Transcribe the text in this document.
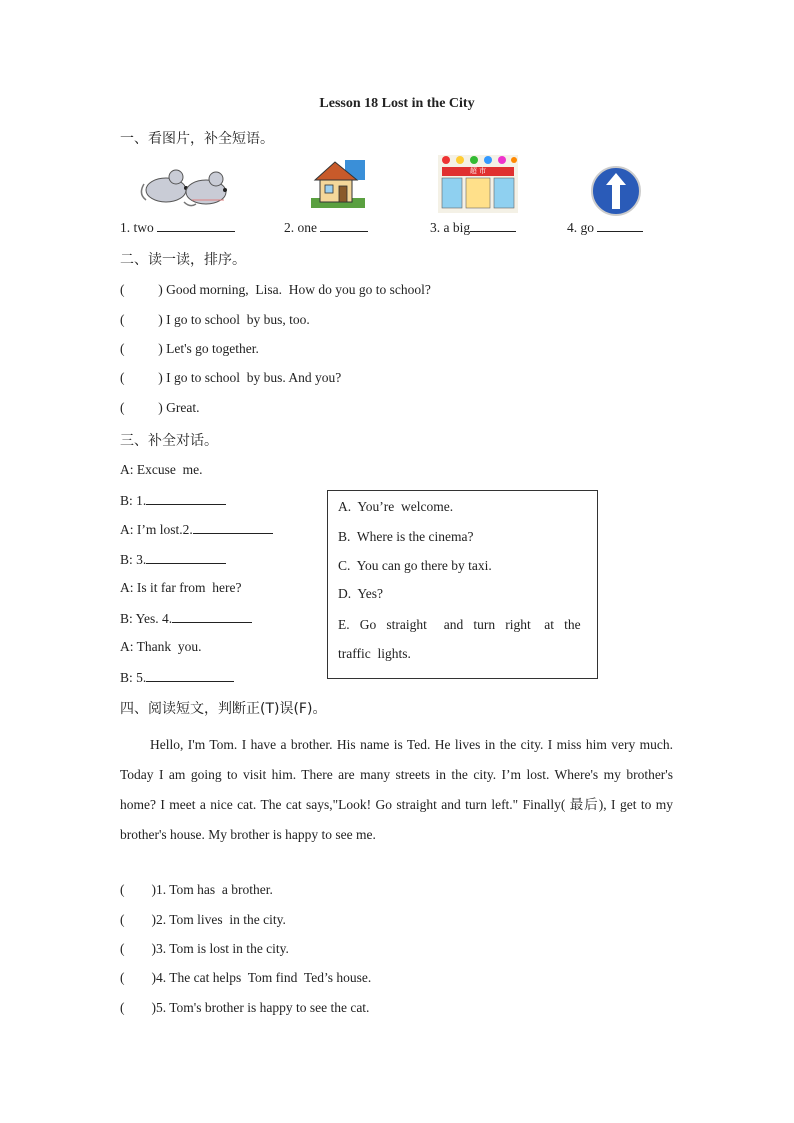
Lesson 18 Lost in the City
一、看图片，补全短语。
超 市
1. two	2. one	3. a big	4. go
二、读一读，排序。
(          ) Good morning,  Lisa.  How do you go to school?
(          ) I go to school  by bus, too.
(          ) Let's go together.
(          ) I go to school  by bus. And you?
(          ) Great.
三、补全对话。
A: Excuse  me.
B: 1.
A: I’m lost.2.
B: 3.
A: Is it far from  here?
B: Yes. 4.
A: Thank  you.
B: 5.
A.  You’re  welcome.
B.  Where is the cinema?
C.  You can go there by taxi.
D.  Yes?
E.   Go   straight     and   turn   right    at   the
traffic  lights.
四、阅读短文，判断正(T)误(F)。
Hello, I'm Tom. I have a brother. His name is Ted. He lives in the city. I miss him very much. Today I am going to visit him. There are many streets in the city. I’m lost. Where's my brother's home? I meet a nice cat. The cat says,"Look! Go straight and turn left." Finally( 最后), I get to my brother's house. My brother is happy to see me.
(        )1. Tom has  a brother.
(        )2. Tom lives  in the city.
(        )3. Tom is lost in the city.
(        )4. The cat helps  Tom find  Ted’s house.
(        )5. Tom's brother is happy to see the cat.
